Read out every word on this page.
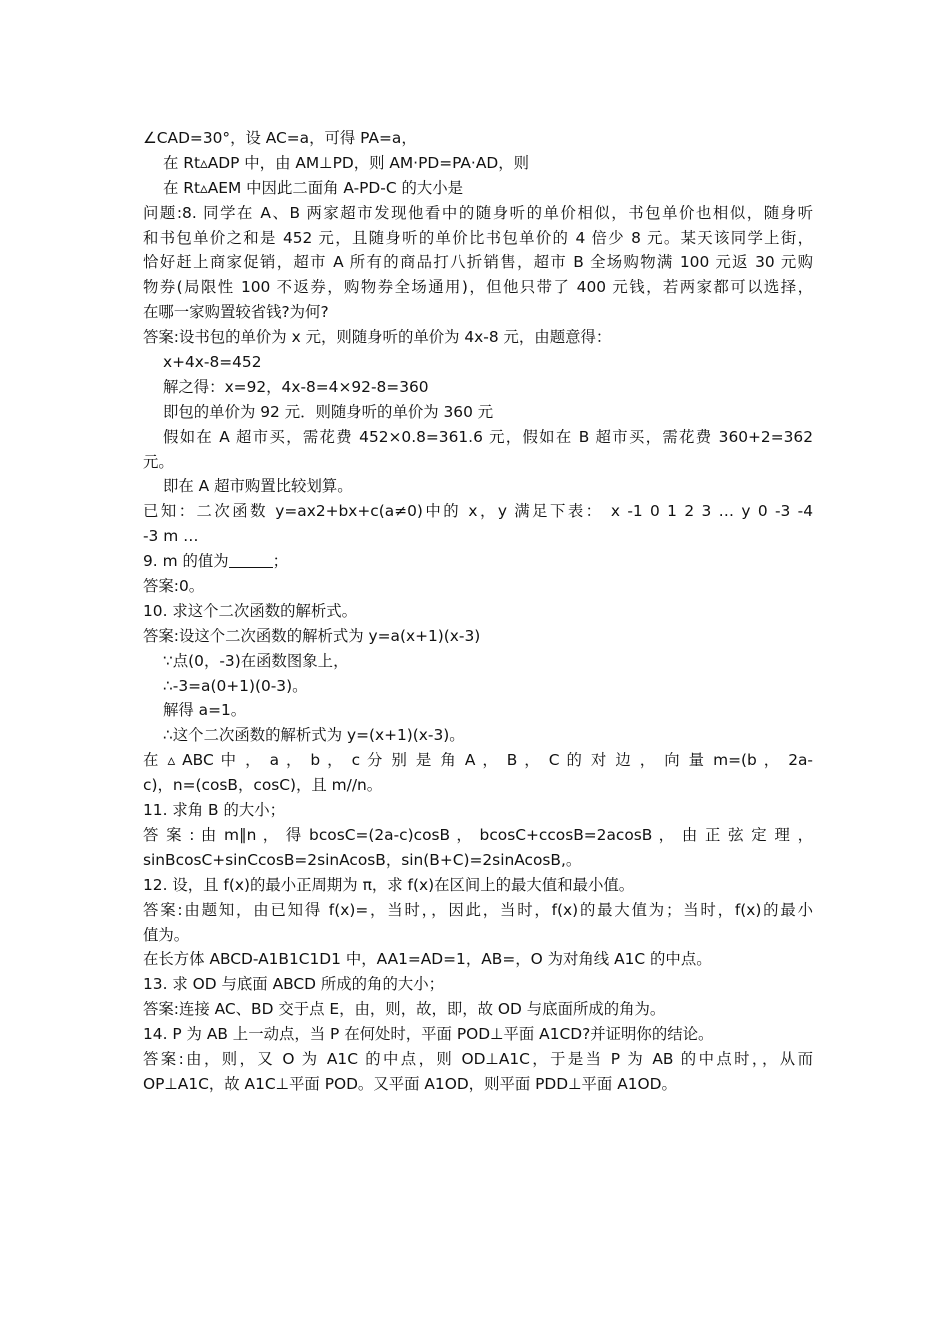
∠CAD=30°，设 AC=a，可得 PA=a，
在 Rt▵ADP 中，由 AM⊥PD，则 AM·PD=PA·AD，则
在 Rt▵AEM 中因此二面角 A-PD-C 的大小是
问题:8. 同学在 A、B 两家超市发现他看中的随身听的单价相似，书包单价也相似，随身听
和书包单价之和是 452 元，且随身听的单价比书包单价的 4 倍少 8 元。某天该同学上街，
恰好赶上商家促销，超市 A 所有的商品打八折销售，超市 B 全场购物满 100 元返 30 元购
物券(局限性 100 不返券，购物券全场通用)，但他只带了 400 元钱，若两家都可以选择，
在哪一家购置较省钱?为何?
答案:设书包的单价为 x 元，则随身听的单价为 4x-8 元，由题意得：
x+4x-8=452
解之得：x=92，4x-8=4×92-8=360
即包的单价为 92 元．则随身听的单价为 360 元
假如在 A 超市买，需花费 452×0.8=361.6 元，假如在 B 超市买，需花费 360+2=362
元。
即在 A 超市购置比较划算。
已知：二次函数 y=ax2+bx+c(a≠0)中的 x，y 满足下表： x -1 0 1 2 3 … y 0 -3 -4
-3 m …
9. m 的值为	；
答案:0。
10. 求这个二次函数的解析式。
答案:设这个二次函数的解析式为 y=a(x+1)(x-3)
∵点(0，-3)在函数图象上，
∴-3=a(0+1)(0-3)。
解得 a=1。
∴这个二次函数的解析式为 y=(x+1)(x-3)。
在 ▵ ABC 中 ， a ， b ， c 分 别 是 角 A ， B ， C 的 对 边 ， 向 量 m=(b ， 2a-
c)，n=(cosB，cosC)，且 m//n。
11. 求角 B 的大小；
答 案 : 由 m∥n ， 得 bcosC=(2a-c)cosB ， bcosC+ccosB=2acosB ， 由 正 弦 定 理 ，
sinBcosC+sinCcosB=2sinAcosB，sin(B+C)=2sinAcosB,。
12. 设，且 f(x)的最小正周期为 π，求 f(x)在区间上的最大值和最小值。
答案:由题知，由已知得 f(x)=，当时，，因此，当时，f(x)的最大值为；当时，f(x)的最小
值为。
在长方体 ABCD-A1B1C1D1 中，AA1=AD=1，AB=，O 为对角线 A1C 的中点。
13. 求 OD 与底面 ABCD 所成的角的大小；
答案:连接 AC、BD 交于点 E，由，则，故，即，故 OD 与底面所成的角为。
14. P 为 AB 上一动点，当 P 在何处时，平面 POD⊥平面 A1CD?并证明你的结论。
答案:由，则，又 O 为 A1C 的中点，则 OD⊥A1C，于是当 P 为 AB 的中点时，，从而
OP⊥A1C，故 A1C⊥平面 POD。又平面 A1OD，则平面 PDD⊥平面 A1OD。
